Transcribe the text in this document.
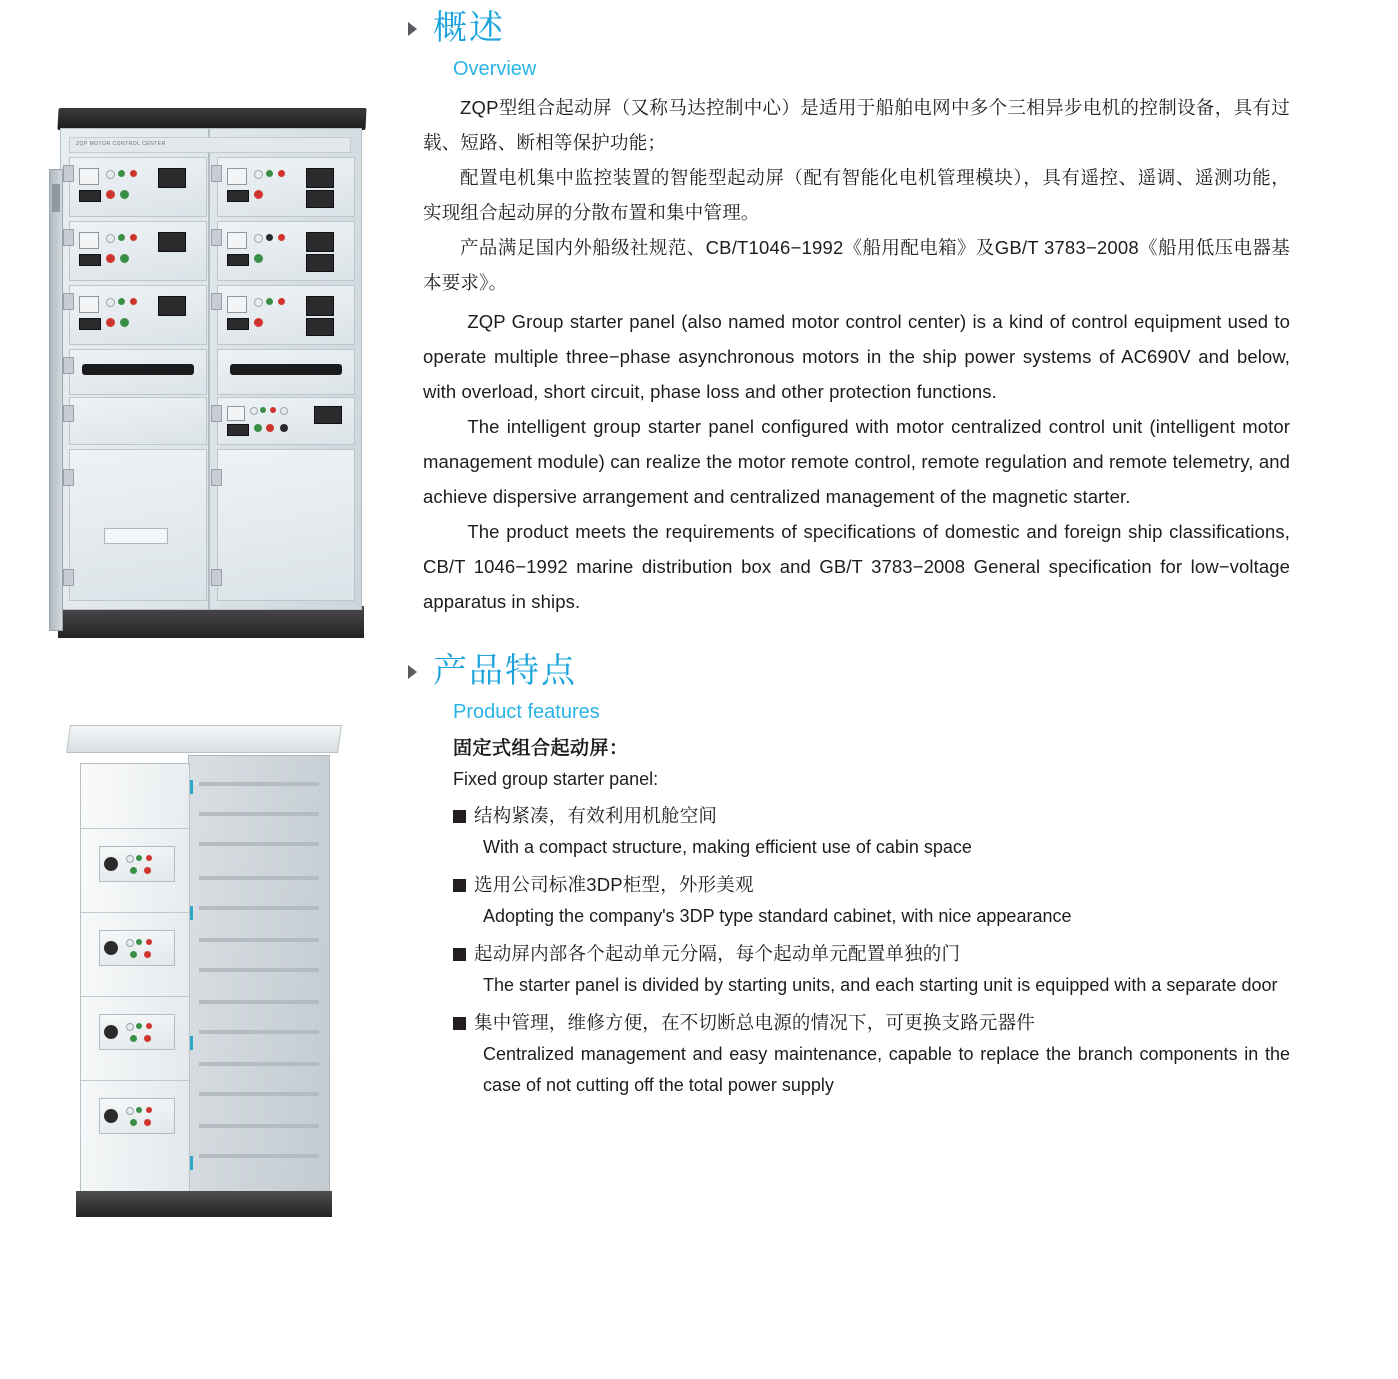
ZQP MOTOR CONTROL CENTER
概述
Overview

ZQP型组合起动屏（又称马达控制中心）是适用于船舶电网中多个三相异步电机的控制设备，具有过载、短路、断相等保护功能；

配置电机集中监控装置的智能型起动屏（配有智能化电机管理模块），具有遥控、遥调、遥测功能，实现组合起动屏的分散布置和集中管理。

产品满足国内外船级社规范、CB/T1046−1992《船用配电箱》及GB/T 3783−2008《船用低压电器基本要求》。

ZQP Group starter panel (also named motor control center) is a kind of control equipment used to operate multiple three−phase asynchronous motors in the ship power systems of AC690V and below, with overload, short circuit, phase loss and other protection functions.

The intelligent group starter panel configured with motor centralized control unit (intelligent motor management module) can realize the motor remote control, remote regulation and remote telemetry, and achieve dispersive arrangement and centralized management of the magnetic starter.

The product meets the requirements of specifications of domestic and foreign ship classifications, CB/T 1046−1992 marine distribution box and GB/T 3783−2008 General specification for low−voltage apparatus in ships.

产品特点
Product features
固定式组合起动屏：
Fixed group starter panel:
结构紧凑，有效利用机舱空间
With a compact structure, making efficient use of cabin space
选用公司标准3DP柜型，外形美观
Adopting the company's 3DP type standard cabinet, with nice appearance
起动屏内部各个起动单元分隔，每个起动单元配置单独的门
The starter panel is divided by starting units, and each starting unit is equipped with a separate door
集中管理，维修方便，在不切断总电源的情况下，可更换支路元器件
Centralized management and easy maintenance, capable to replace the branch components in the case of not cutting off the total power supply
